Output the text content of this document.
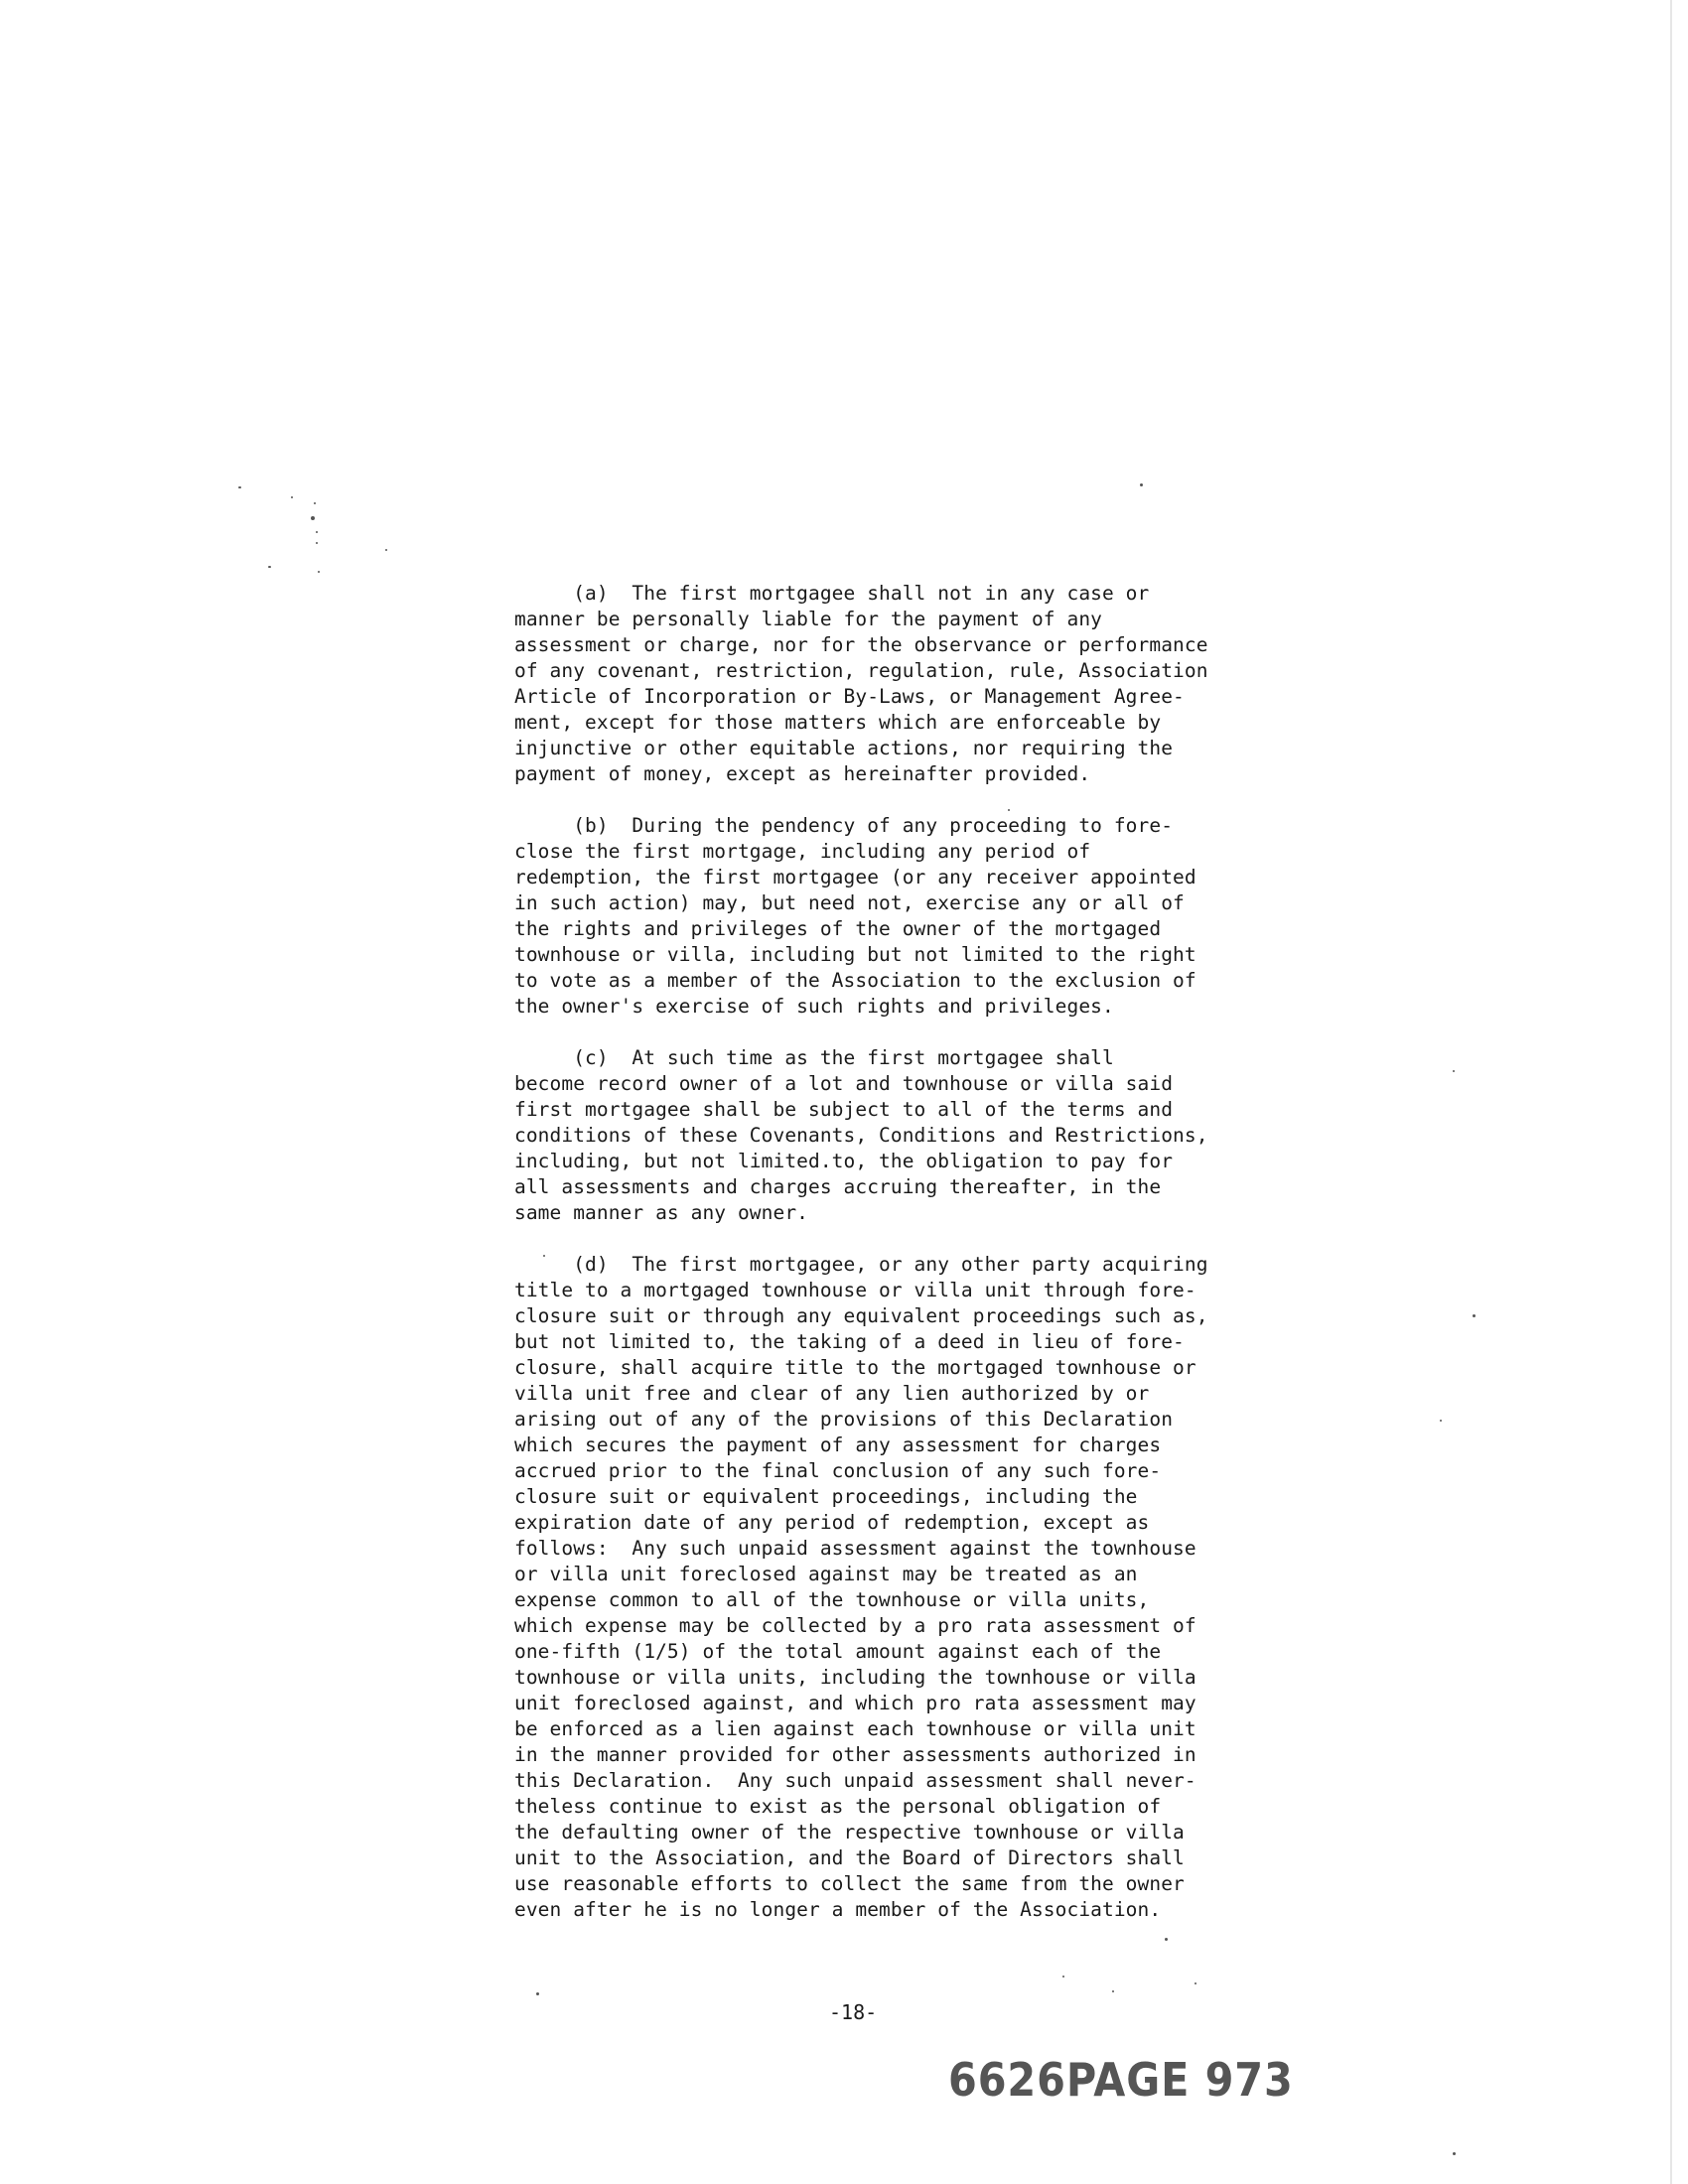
(a)  The first mortgagee shall not in any case or
manner be personally liable for the payment of any
assessment or charge, nor for the observance or performance
of any covenant, restriction, regulation, rule, Association
Article of Incorporation or By-Laws, or Management Agree-
ment, except for those matters which are enforceable by
injunctive or other equitable actions, nor requiring the
payment of money, except as hereinafter provided.
(b)  During the pendency of any proceeding to fore-
close the first mortgage, including any period of
redemption, the first mortgagee (or any receiver appointed
in such action) may, but need not, exercise any or all of
the rights and privileges of the owner of the mortgaged
townhouse or villa, including but not limited to the right
to vote as a member of the Association to the exclusion of
the owner's exercise of such rights and privileges.
(c)  At such time as the first mortgagee shall
become record owner of a lot and townhouse or villa said
first mortgagee shall be subject to all of the terms and
conditions of these Covenants, Conditions and Restrictions,
including, but not limited.to, the obligation to pay for
all assessments and charges accruing thereafter, in the
same manner as any owner.
(d)  The first mortgagee, or any other party acquiring
title to a mortgaged townhouse or villa unit through fore-
closure suit or through any equivalent proceedings such as,
but not limited to, the taking of a deed in lieu of fore-
closure, shall acquire title to the mortgaged townhouse or
villa unit free and clear of any lien authorized by or
arising out of any of the provisions of this Declaration
which secures the payment of any assessment for charges
accrued prior to the final conclusion of any such fore-
closure suit or equivalent proceedings, including the
expiration date of any period of redemption, except as
follows:  Any such unpaid assessment against the townhouse
or villa unit foreclosed against may be treated as an
expense common to all of the townhouse or villa units,
which expense may be collected by a pro rata assessment of
one-fifth (1/5) of the total amount against each of the
townhouse or villa units, including the townhouse or villa
unit foreclosed against, and which pro rata assessment may
be enforced as a lien against each townhouse or villa unit
in the manner provided for other assessments authorized in
this Declaration.  Any such unpaid assessment shall never-
theless continue to exist as the personal obligation of
the defaulting owner of the respective townhouse or villa
unit to the Association, and the Board of Directors shall
use reasonable efforts to collect the same from the owner
even after he is no longer a member of the Association.
-18-
6626PAGE 973
